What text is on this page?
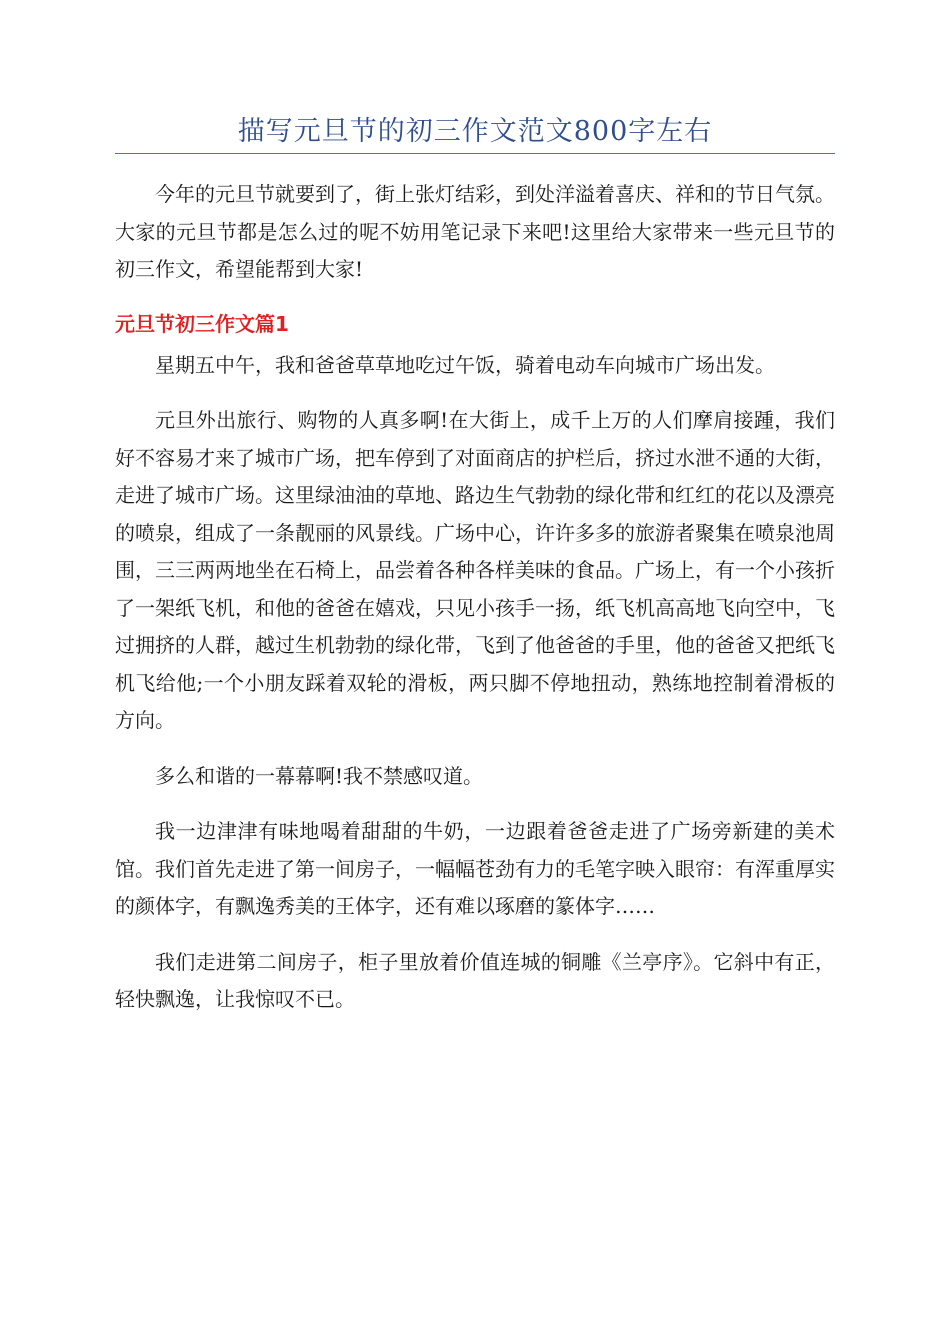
描写元旦节的初三作文范文800字左右

今年的元旦节就要到了，街上张灯结彩，到处洋溢着喜庆、祥和的节日气氛。大家的元旦节都是怎么过的呢不妨用笔记录下来吧!这里给大家带来一些元旦节的初三作文，希望能帮到大家!

元旦节初三作文篇1

星期五中午，我和爸爸草草地吃过午饭，骑着电动车向城市广场出发。

元旦外出旅行、购物的人真多啊!在大街上，成千上万的人们摩肩接踵，我们好不容易才来了城市广场，把车停到了对面商店的护栏后，挤过水泄不通的大街，走进了城市广场。这里绿油油的草地、路边生气勃勃的绿化带和红红的花以及漂亮的喷泉，组成了一条靓丽的风景线。广场中心，许许多多的旅游者聚集在喷泉池周围，三三两两地坐在石椅上，品尝着各种各样美味的食品。广场上，有一个小孩折了一架纸飞机，和他的爸爸在嬉戏，只见小孩手一扬，纸飞机高高地飞向空中，飞过拥挤的人群，越过生机勃勃的绿化带，飞到了他爸爸的手里，他的爸爸又把纸飞机飞给他;一个小朋友踩着双轮的滑板，两只脚不停地扭动，熟练地控制着滑板的方向。

多么和谐的一幕幕啊!我不禁感叹道。

我一边津津有味地喝着甜甜的牛奶，一边跟着爸爸走进了广场旁新建的美术馆。我们首先走进了第一间房子，一幅幅苍劲有力的毛笔字映入眼帘：有浑重厚实的颜体字，有飘逸秀美的王体字，还有难以琢磨的篆体字……

我们走进第二间房子，柜子里放着价值连城的铜雕《兰亭序》。它斜中有正，轻快飘逸，让我惊叹不已。
